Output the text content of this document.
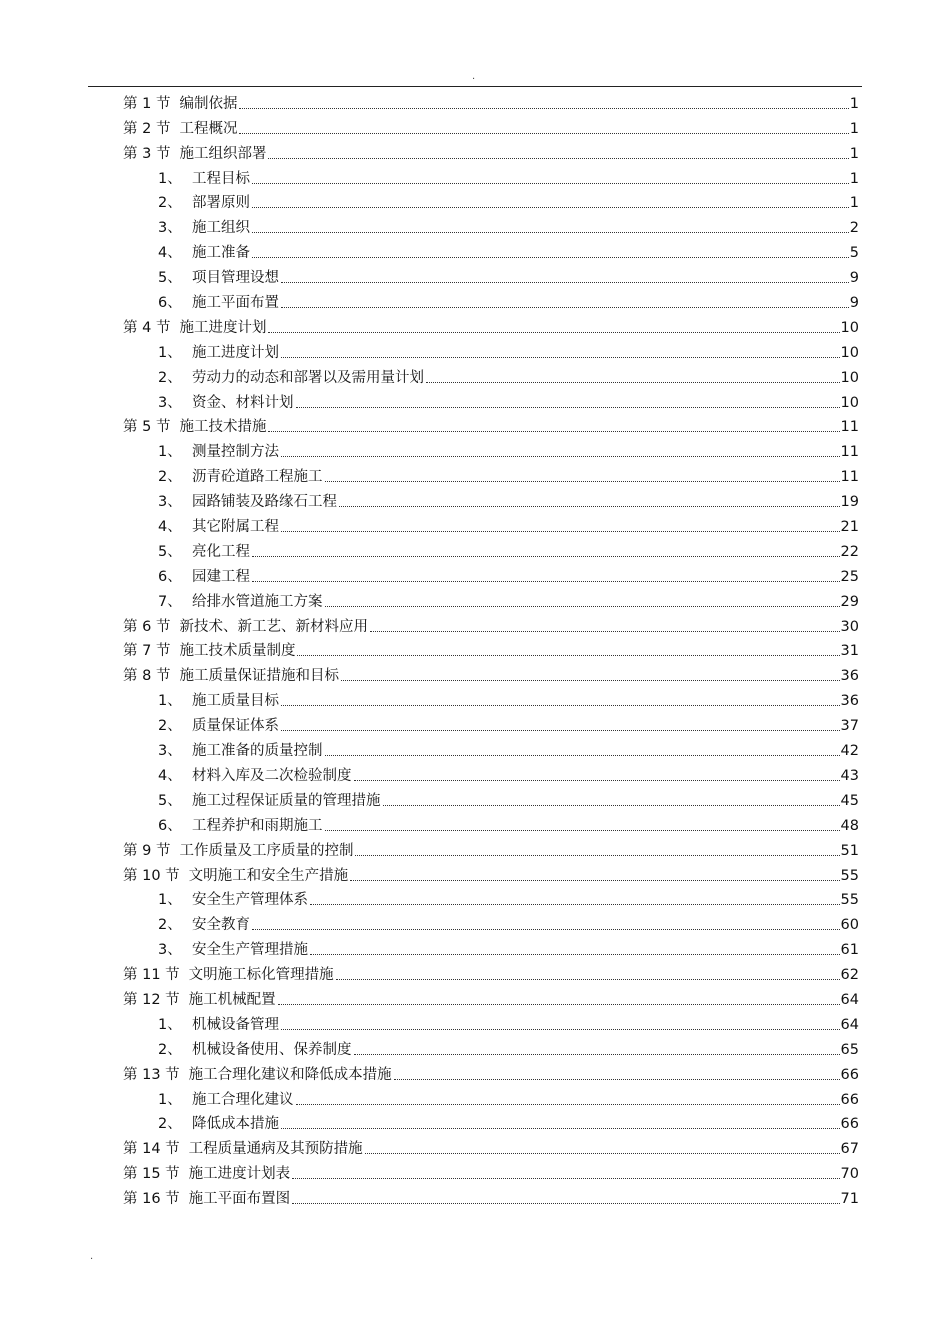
.
第 1 节 编制依据	1
第 2 节 工程概况	1
第 3 节 施工组织部署	1
1、 工程目标	1
2、 部署原则	1
3、 施工组织	2
4、 施工准备	5
5、 项目管理设想	9
6、 施工平面布置	9
第 4 节 施工进度计划	10
1、 施工进度计划	10
2、 劳动力的动态和部署以及需用量计划	10
3、 资金、材料计划	10
第 5 节 施工技术措施	11
1、 测量控制方法	11
2、 沥青砼道路工程施工	11
3、 园路铺装及路缘石工程	19
4、 其它附属工程	21
5、 亮化工程	22
6、 园建工程	25
7、 给排水管道施工方案	29
第 6 节 新技术、新工艺、新材料应用	30
第 7 节 施工技术质量制度	31
第 8 节 施工质量保证措施和目标	36
1、 施工质量目标	36
2、 质量保证体系	37
3、 施工准备的质量控制	42
4、 材料入库及二次检验制度	43
5、 施工过程保证质量的管理措施	45
6、 工程养护和雨期施工	48
第 9 节 工作质量及工序质量的控制	51
第 10 节 文明施工和安全生产措施	55
1、 安全生产管理体系	55
2、 安全教育	60
3、 安全生产管理措施	61
第 11 节 文明施工标化管理措施	62
第 12 节 施工机械配置	64
1、 机械设备管理	64
2、 机械设备使用、保养制度	65
第 13 节 施工合理化建议和降低成本措施	66
1、 施工合理化建议	66
2、 降低成本措施	66
第 14 节 工程质量通病及其预防措施	67
第 15 节 施工进度计划表	70
第 16 节 施工平面布置图	71
.
